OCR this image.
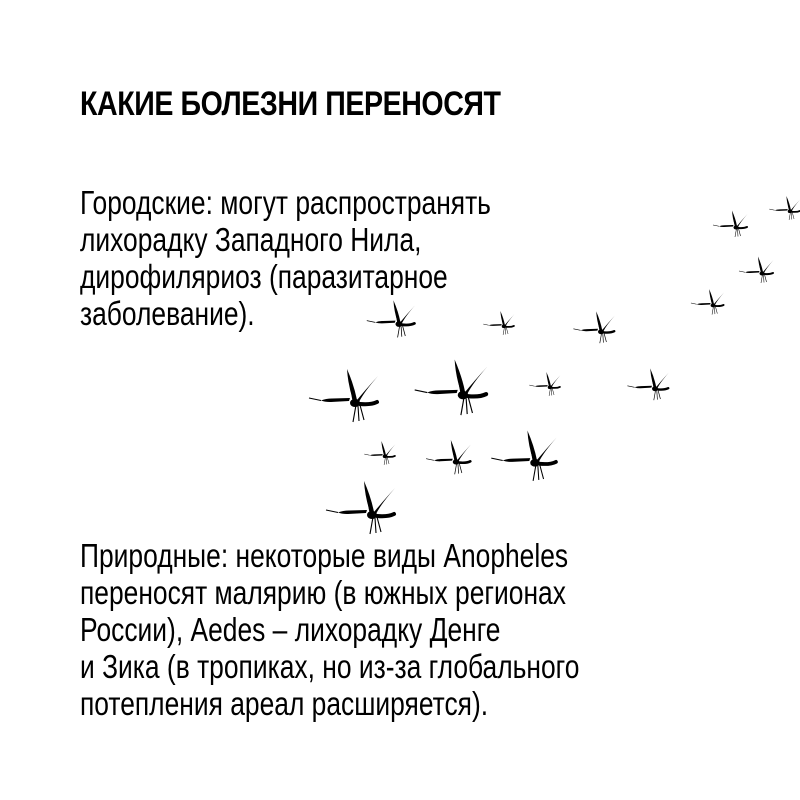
КАКИЕ БОЛЕЗНИ ПЕРЕНОСЯТ

Городские: могут распространять
лихорадку Западного Нила,
дирофиляриоз (паразитарное
заболевание).

Природные: некоторые виды Anopheles
переносят малярию (в южных регионах
России), Aedes – лихорадку Денге
и Зика (в тропиках, но из-за глобального
потепления ареал расширяется).
